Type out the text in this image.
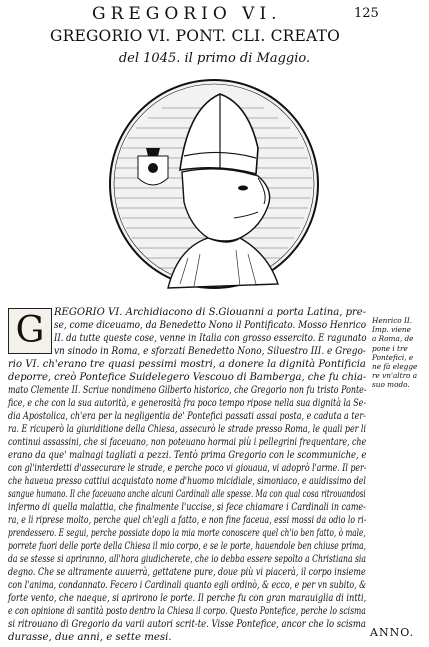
GREGORIO VI.	125
GREGORIO VI. PONT. CLI. CREATO
del 1045. il primo di Maggio.
G REGORIO VI. Archidiacono di S.Giouanni a porta Latina, pre-
se, come diceuamo, da Benedetto Nono il Pontificato. Mosso Henrico
II. da tutte queste cose, venne in Italia con grosso essercito. E ragunato
vn sinodo in Roma, e sforzati Benedetto Nono, Siluestro III. e Grego-
rio VI. ch'erano tre quasi pessimi mostri, a donere la dignità Pontificia
deporre, creò Pontefice Suidelegero Vescouo di Bamberga, che fu chia-
mato Clemente II. Scriue nondimeno Gilberto historico, che Gregorio non fu tristo Ponte-
fice, e che con la sua autorità, e generosità fra poco tempo ripose nella sua dignità la Se-
dia Apostolica, ch'era per la negligentia de' Pontefici passati assai posta, e caduta a ter-
ra. E ricuperò la giuriditione della Chiesa, assecurò le strade presso Roma, le quali per li
continui assassini, che si faceuano, non poteuano hormai più i pellegrini frequentare, che
erano da que' malnagi tagliati a pezzi. Tentò prima Gregorio con le scommuniche, e
con gl'interdetti d'assecurare le strade, e perche poco vi giouaua, vi adoprò l'arme. Il per-
che haueua presso cattiui acquistato nome d'huomo micidiale, simoniaco, e auidissimo del
sangue humano. Il che faceuano anche alcuni Cardinali alle spesse. Ma con qual cosa ritrouandosi
infermo di quella malattia, che finalmente l'uccise, si fece chiamare i Cardinali in came-
ra, e li riprese molto, perche quel ch'egli a fatto, e non fine faceua, essi mossi da odio lo ri-
prendessero. E segui, perche possiate dopo la mia morte conoscere quel ch'io ben fatto, ò male,
porrete fuori delle porte della Chiesa il mio corpo, e se le porte, hauendole ben chiuse prima,
da se stesse si apriranno, all'hora giudicherete, che io debba essere sepolto a Christiana sia
degno. Che se altramente auuerrà, gettatene pure, doue più vi piacerà, il corpo insieme
con l'anima, condannato. Fecero i Cardinali quanto egli ordinò, & ecco, e per vn subito, &
forte vento, che naeque, si aprirono le porte. Il perche fu con gran marauiglia di intti,
e con opinione di santità posto dentro la Chiesa il corpo. Questo Pontefice, perche lo scisma
si ritrouano di Gregorio da varii autori scrit-te. Visse Pontefice, ancor che lo scisma
durasse, due anni, e sette mesi.
Henrico II.
Imp. viene
a Roma, de
pone i tre
Pontefici, e
ne fà elegge
re vn'altro a
suo modo.
ANNO.
